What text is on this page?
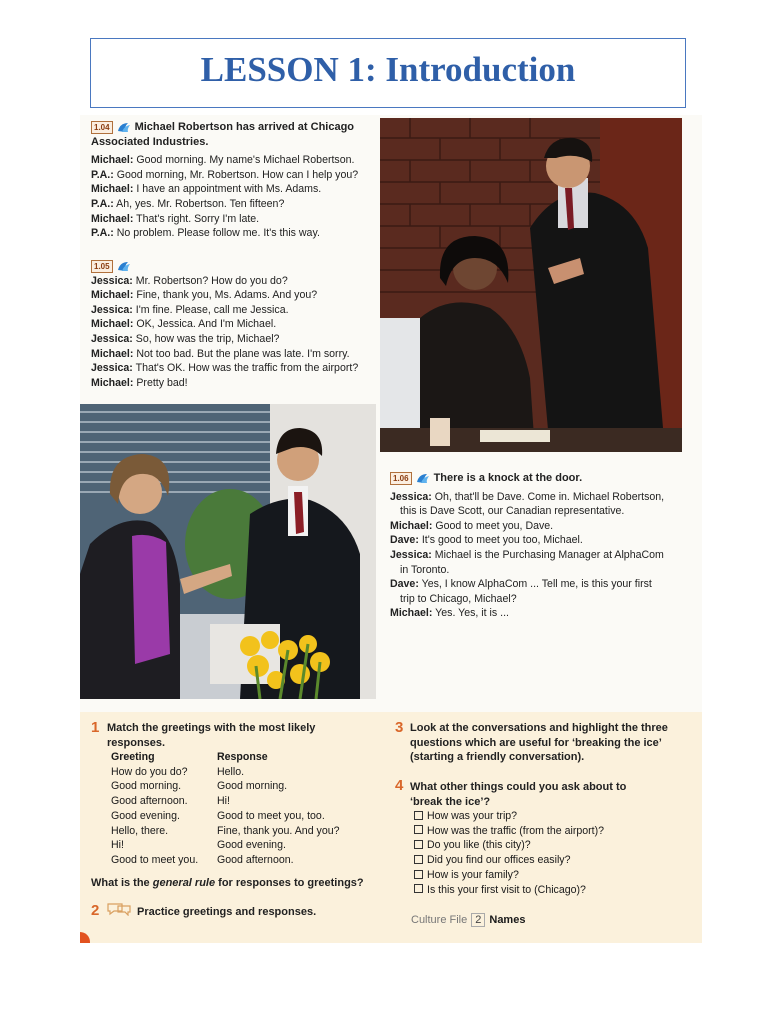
LESSON 1: Introduction
1.04 Michael Robertson has arrived at Chicago
Associated Industries.
Michael: Good morning. My name's Michael Robertson.
P.A.: Good morning, Mr. Robertson. How can I help you?
Michael: I have an appointment with Ms. Adams.
P.A.: Ah, yes. Mr. Robertson. Ten fifteen?
Michael: That's right. Sorry I'm late.
P.A.: No problem. Please follow me. It's this way.
1.05
Jessica: Mr. Robertson? How do you do?
Michael: Fine, thank you, Ms. Adams. And you?
Jessica: I'm fine. Please, call me Jessica.
Michael: OK, Jessica. And I'm Michael.
Jessica: So, how was the trip, Michael?
Michael: Not too bad. But the plane was late. I'm sorry.
Jessica: That's OK. How was the traffic from the airport?
Michael: Pretty bad!
1.06 There is a knock at the door.
Jessica: Oh, that'll be Dave. Come in. Michael Robertson,
this is Dave Scott, our Canadian representative.
Michael: Good to meet you, Dave.
Dave: It's good to meet you too, Michael.
Jessica: Michael is the Purchasing Manager at AlphaCom
in Toronto.
Dave: Yes, I know AlphaCom ... Tell me, is this your first
trip to Chicago, Michael?
Michael: Yes. Yes, it is ...
1 Match the greetings with the most likely
responses.
Greeting
How do you do?
Good morning.
Good afternoon.
Good evening.
Hello, there.
Hi!
Good to meet you.
Response
Hello.
Good morning.
Hi!
Good to meet you, too.
Fine, thank you. And you?
Good evening.
Good afternoon.
What is the general rule for responses to greetings?
2	Practice greetings and responses.
3 Look at the conversations and highlight the three
questions which are useful for ‘breaking the ice’
(starting a friendly conversation).
4 What other things could you ask about to
‘break the ice’?
How was your trip?
How was the traffic (from the airport)?
Do you like (this city)?
Did you find our offices easily?
How is your family?
Is this your first visit to (Chicago)?
Culture File 2 Names
